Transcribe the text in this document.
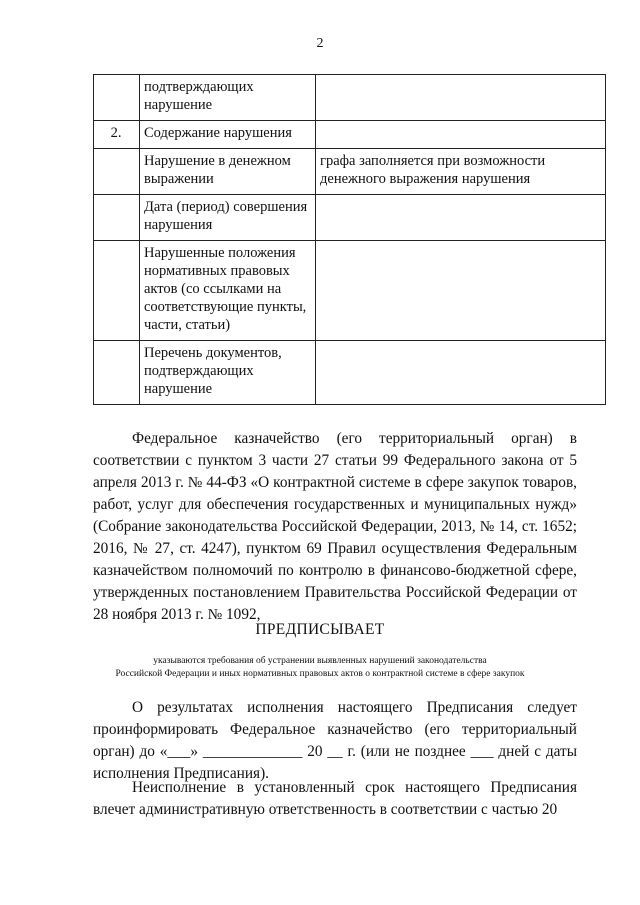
2
	подтверждающих нарушение	
2.	Содержание нарушения	
	Нарушение в денежном выражении	графа заполняется при возможности денежного выражения нарушения
	Дата (период) совершения нарушения	
	Нарушенные положения нормативных правовых актов (со ссылками на соответствующие пункты, части, статьи)	
	Перечень документов, подтверждающих нарушение	
Федеральное казначейство (его территориальный орган) в соответствии с пунктом 3 части 27 статьи 99 Федерального закона от 5 апреля 2013 г. № 44-ФЗ «О контрактной системе в сфере закупок товаров, работ, услуг для обеспечения государственных и муниципальных нужд» (Собрание законодательства Российской Федерации, 2013, № 14, ст. 1652; 2016, № 27, ст. 4247), пунктом 69 Правил осуществления Федеральным казначейством полномочий по контролю в финансово-бюджетной сфере, утвержденных постановлением Правительства Российской Федерации от 28 ноября 2013 г. № 1092,
ПРЕДПИСЫВАЕТ
указываются требования об устранении выявленных нарушений законодательства
Российской Федерации и иных нормативных правовых актов о контрактной системе в сфере закупок
О результатах исполнения настоящего Предписания следует проинформировать Федеральное казначейство (его территориальный орган) до «___» _____________ 20 __ г. (или не позднее ___ дней с даты исполнения Предписания).
Неисполнение в установленный срок настоящего Предписания влечет административную ответственность в соответствии с частью 20
